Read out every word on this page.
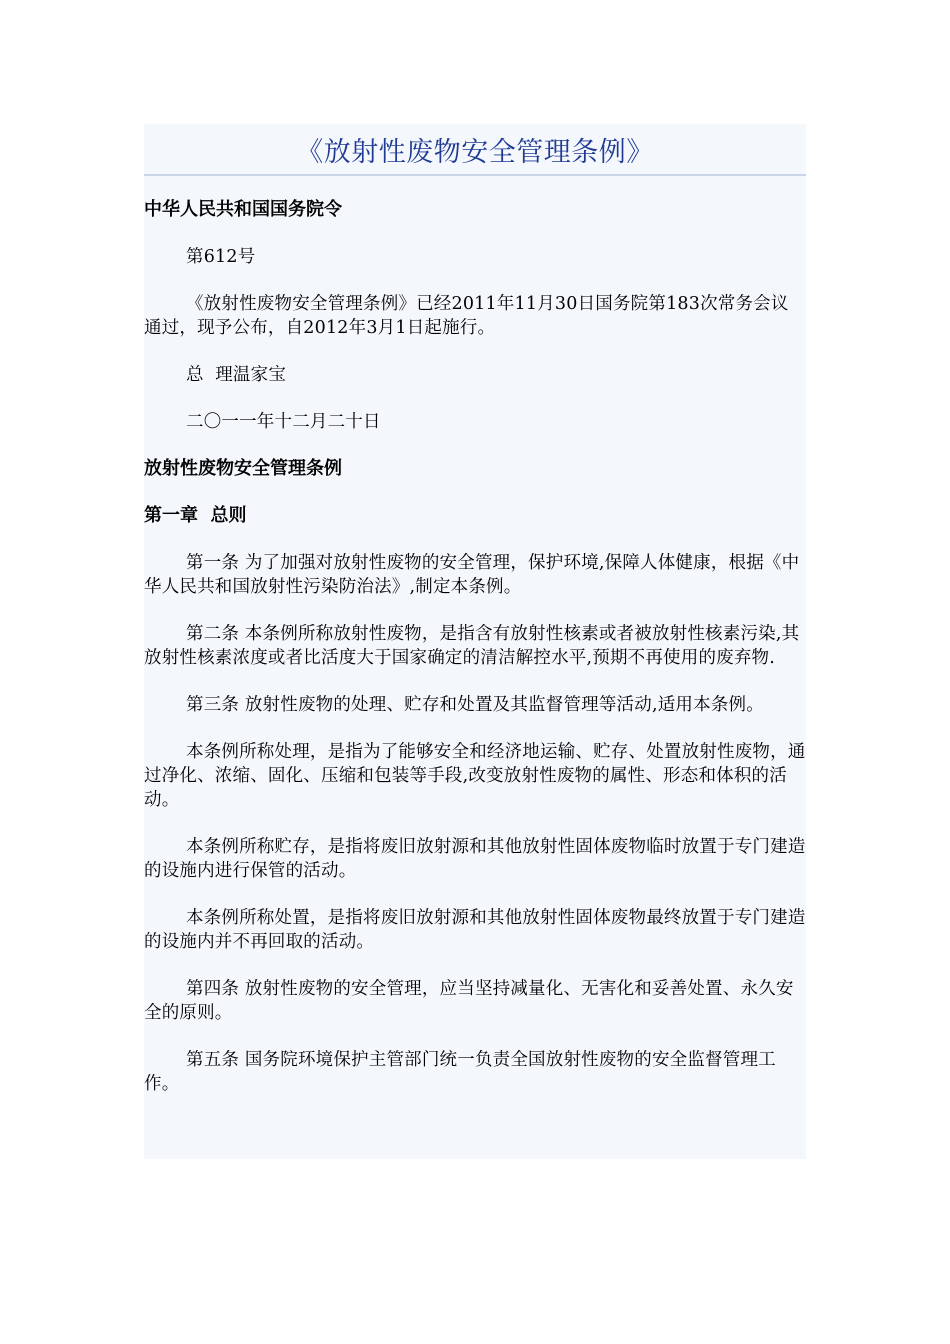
《放射性废物安全管理条例》

中华人民共和国国务院令

第612号

《放射性废物安全管理条例》已经2011年11月30日国务院第183次常务会议通过，现予公布，自2012年3月1日起施行。

总  理温家宝

二〇一一年十二月二十日

放射性废物安全管理条例

第一章  总则

第一条 为了加强对放射性废物的安全管理，保护环境,保障人体健康，根据《中华人民共和国放射性污染防治法》,制定本条例。

第二条 本条例所称放射性废物，是指含有放射性核素或者被放射性核素污染,其放射性核素浓度或者比活度大于国家确定的清洁解控水平,预期不再使用的废弃物.

第三条 放射性废物的处理、贮存和处置及其监督管理等活动,适用本条例。

本条例所称处理，是指为了能够安全和经济地运输、贮存、处置放射性废物，通过净化、浓缩、固化、压缩和包装等手段,改变放射性废物的属性、形态和体积的活动。

本条例所称贮存，是指将废旧放射源和其他放射性固体废物临时放置于专门建造的设施内进行保管的活动。

本条例所称处置，是指将废旧放射源和其他放射性固体废物最终放置于专门建造的设施内并不再回取的活动。

第四条 放射性废物的安全管理，应当坚持减量化、无害化和妥善处置、永久安全的原则。

第五条 国务院环境保护主管部门统一负责全国放射性废物的安全监督管理工作。
